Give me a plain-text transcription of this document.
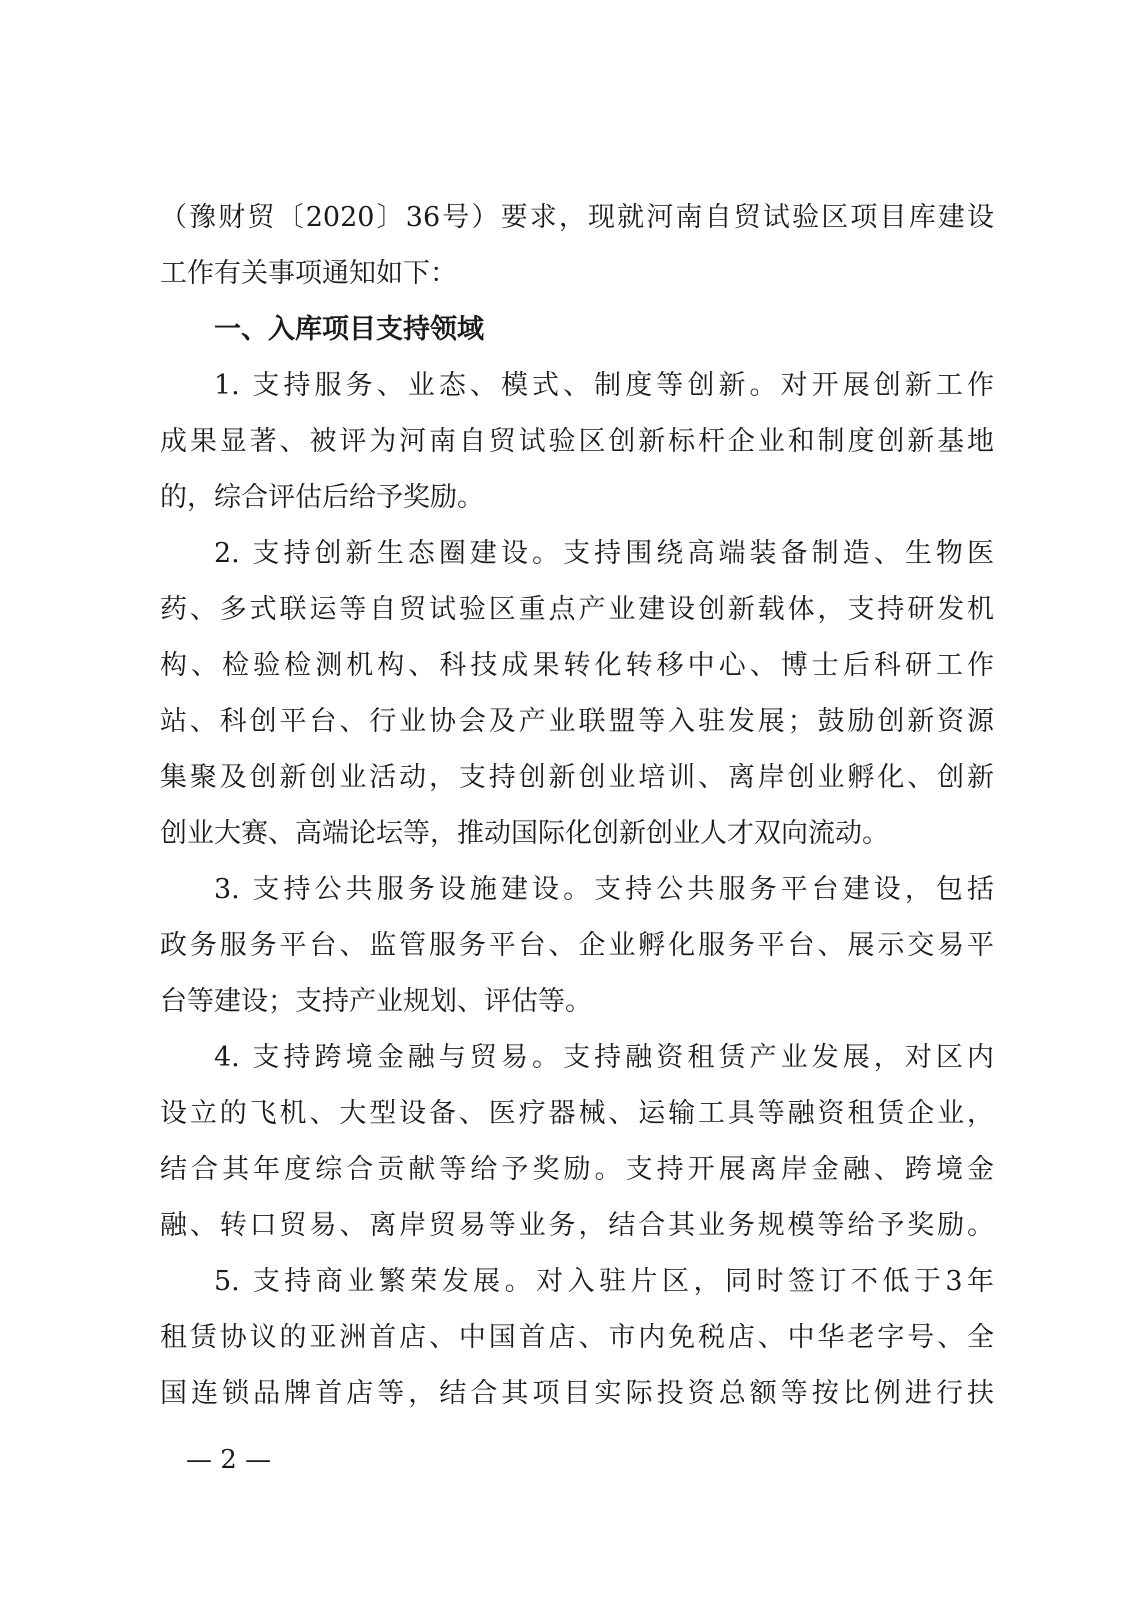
（豫财贸〔2020〕36号）要求，现就河南自贸试验区项目库建设
工作有关事项通知如下：
一、入库项目支持领域
1. 支持服务、业态、模式、制度等创新。对开展创新工作
成果显著、被评为河南自贸试验区创新标杆企业和制度创新基地
的，综合评估后给予奖励。
2. 支持创新生态圈建设。支持围绕高端装备制造、生物医
药、多式联运等自贸试验区重点产业建设创新载体，支持研发机
构、检验检测机构、科技成果转化转移中心、博士后科研工作
站、科创平台、行业协会及产业联盟等入驻发展；鼓励创新资源
集聚及创新创业活动，支持创新创业培训、离岸创业孵化、创新
创业大赛、高端论坛等，推动国际化创新创业人才双向流动。
3. 支持公共服务设施建设。支持公共服务平台建设，包括
政务服务平台、监管服务平台、企业孵化服务平台、展示交易平
台等建设；支持产业规划、评估等。
4. 支持跨境金融与贸易。支持融资租赁产业发展，对区内
设立的飞机、大型设备、医疗器械、运输工具等融资租赁企业，
结合其年度综合贡献等给予奖励。支持开展离岸金融、跨境金
融、转口贸易、离岸贸易等业务，结合其业务规模等给予奖励。
5. 支持商业繁荣发展。对入驻片区，同时签订不低于3年
租赁协议的亚洲首店、中国首店、市内免税店、中华老字号、全
国连锁品牌首店等，结合其项目实际投资总额等按比例进行扶
— 2 —
